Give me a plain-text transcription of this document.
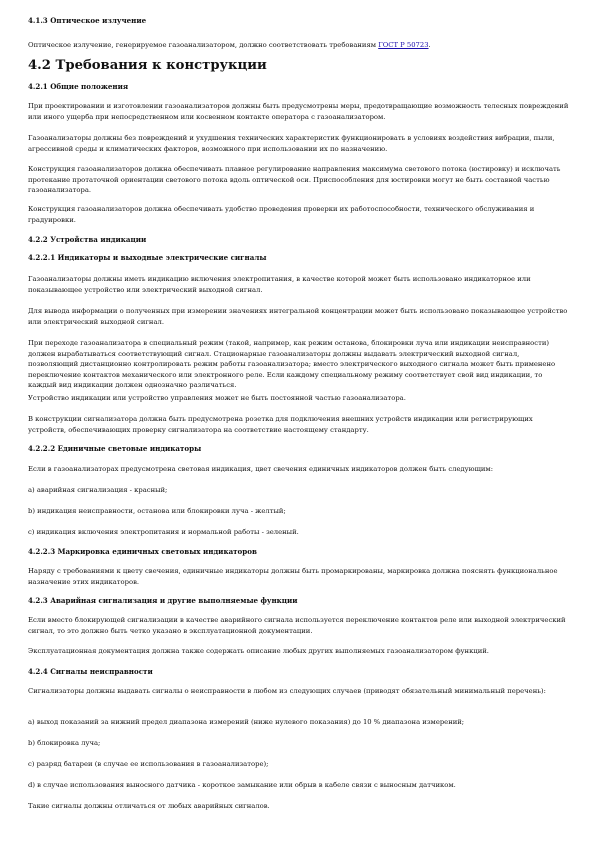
4.1.3 Оптическое излучение

Оптическое излучение, генерируемое газоанализатором, должно соответствовать требованиям ГОСТ Р 50723.

4.2 Требования к конструкции

4.2.1 Общие положения

При проектировании и изготовлении газоанализаторов должны быть предусмотрены меры, предотвращающие возможность телесных повреждений или иного ущерба при непосредственном или косвенном контакте оператора с газоанализатором.

Газоанализаторы должны без повреждений и ухудшения технических характеристик функционировать в условиях воздействия вибрации, пыли, агрессивной среды и климатических факторов, возможного при использовании их по назначению.

Конструкция газоанализаторов должна обеспечивать плавное регулирование направления максимума светового потока (юстировку) и исключать протекание протаточной ориентации светового потока вдоль оптической оси. Приспособления для юстировки могут не быть составной частью газоанализатора.

Конструкция газоанализаторов должна обеспечивать удобство проведения проверки их работоспособности, технического обслуживания и градуировки.

4.2.2 Устройства индикации

4.2.2.1 Индикаторы и выходные электрические сигналы

Газоанализаторы должны иметь индикацию включения электропитания, в качестве которой может быть использовано индикаторное или показывающее устройство или электрический выходной сигнал.

Для вывода информации о полученных при измерении значениях интегральной концентрации может быть использовано показывающее устройство или электрический выходной сигнал.

При переходе газоанализатора в специальный режим (такой, например, как режим останова, блокировки луча или индикации неисправности) должен вырабатываться соответствующий сигнал. Стационарные газоанализаторы должны выдавать электрический выходной сигнал, позволяющий дистанционно контролировать режим работы газоанализатора; вместо электрического выходного сигнала может быть применено переключение контактов механического или электронного реле. Если каждому специальному режиму соответствует свой вид индикации, то каждый вид индикации должен однозначно различаться.

Устройство индикации или устройство управления может не быть постоянной частью газоанализатора.

В конструкции сигнализатора должна быть предусмотрена розетка для подключения внешних устройств индикации или регистрирующих устройств, обеспечивающих проверку сигнализатора на соответствие настоящему стандарту.

4.2.2.2 Единичные световые индикаторы

Если в газоанализаторах предусмотрена световая индикация, цвет свечения единичных индикаторов должен быть следующим:

а) аварийная сигнализация - красный;

b) индикация неисправности, останова или блокировки луча - желтый;

c) индикация включения электропитания и нормальной работы - зеленый.

4.2.2.3 Маркировка единичных световых индикаторов

Наряду с требованиями к цвету свечения, единичные индикаторы должны быть промаркированы, маркировка должна пояснять функциональное назначение этих индикаторов.

4.2.3 Аварийная сигнализация и другие выполняемые функции

Если вместо блокирующей сигнализации в качестве аварийного сигнала используется переключение контактов реле или выходной электрический сигнал, то это должно быть четко указано в эксплуатационной документации.

Эксплуатационная документация должна также содержать описание любых других выполняемых газоанализатором функций.

4.2.4 Сигналы неисправности

Сигнализаторы должны выдавать сигналы о неисправности в любом из следующих случаев (приводят обязательный минимальный перечень):

а) выход показаний за нижний предел диапазона измерений (ниже нулевого показания) до 10 % диапазона измерений;

b) блокировка луча;

c) разряд батареи (в случае ее использования в газоанализаторе);

d) в случае использования выносного датчика - короткое замыкание или обрыв в кабеле связи с выносным датчиком.

Такие сигналы должны отличаться от любых аварийных сигналов.
